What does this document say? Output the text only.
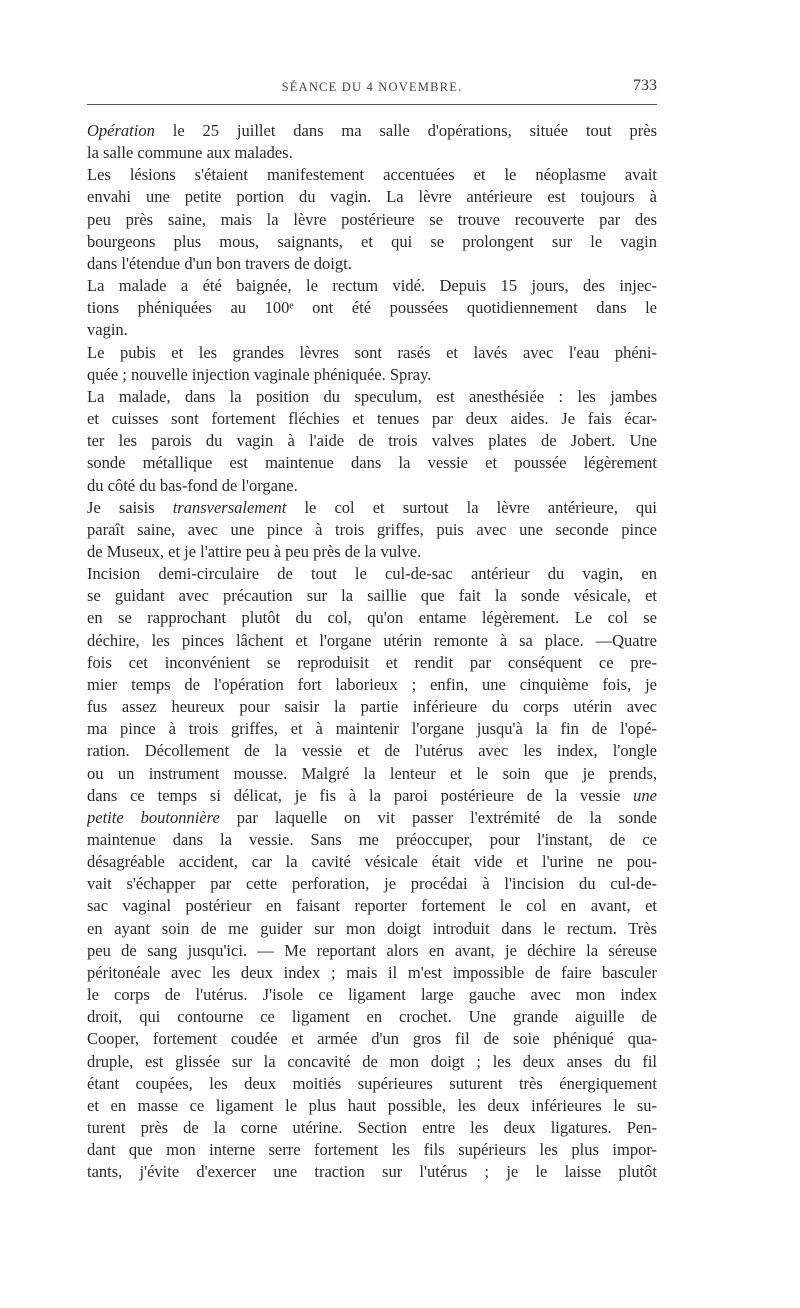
SÉANCE DU 4 NOVEMBRE.	733

Opération le 25 juillet dans ma salle d'opérations, située tout près
la salle commune aux malades.

Les lésions s'étaient manifestement accentuées et le néoplasme avait
envahi une petite portion du vagin. La lèvre antérieure est toujours à
peu près saine, mais la lèvre postérieure se trouve recouverte par des
bourgeons plus mous, saignants, et qui se prolongent sur le vagin
dans l'étendue d'un bon travers de doigt.

La malade a été baignée, le rectum vidé. Depuis 15 jours, des injec-
tions phéniquées au 100ᵉ ont été poussées quotidiennement dans le
vagin.

Le pubis et les grandes lèvres sont rasés et lavés avec l'eau phéni-
quée ; nouvelle injection vaginale phéniquée. Spray.

La malade, dans la position du speculum, est anesthésiée : les jambes
et cuisses sont fortement fléchies et tenues par deux aides. Je fais écar-
ter les parois du vagin à l'aide de trois valves plates de Jobert. Une
sonde métallique est maintenue dans la vessie et poussée légèrement
du côté du bas-fond de l'organe.

Je saisis transversalement le col et surtout la lèvre antérieure, qui
paraît saine, avec une pince à trois griffes, puis avec une seconde pince
de Museux, et je l'attire peu à peu près de la vulve.

Incision demi-circulaire de tout le cul-de-sac antérieur du vagin, en
se guidant avec précaution sur la saillie que fait la sonde vésicale, et
en se rapprochant plutôt du col, qu'on entame légèrement. Le col se
déchire, les pinces lâchent et l'organe utérin remonte à sa place. —Quatre
fois cet inconvénient se reproduisit et rendit par conséquent ce pre-
mier temps de l'opération fort laborieux ; enfin, une cinquième fois, je
fus assez heureux pour saisir la partie inférieure du corps utérin avec
ma pince à trois griffes, et à maintenir l'organe jusqu'à la fin de l'opé-
ration. Décollement de la vessie et de l'utérus avec les index, l'ongle
ou un instrument mousse. Malgré la lenteur et le soin que je prends,
dans ce temps si délicat, je fis à la paroi postérieure de la vessie une
petite boutonnière par laquelle on vit passer l'extrémité de la sonde
maintenue dans la vessie. Sans me préoccuper, pour l'instant, de ce
désagréable accident, car la cavité vésicale était vide et l'urine ne pou-
vait s'échapper par cette perforation, je procédai à l'incision du cul-de-
sac vaginal postérieur en faisant reporter fortement le col en avant, et
en ayant soin de me guider sur mon doigt introduit dans le rectum. Très
peu de sang jusqu'ici. — Me reportant alors en avant, je déchire la séreuse
péritonéale avec les deux index ; mais il m'est impossible de faire basculer
le corps de l'utérus. J'isole ce ligament large gauche avec mon index
droit, qui contourne ce ligament en crochet. Une grande aiguille de
Cooper, fortement coudée et armée d'un gros fil de soie phéniqué qua-
druple, est glissée sur la concavité de mon doigt ; les deux anses du fil
étant coupées, les deux moitiés supérieures suturent très énergiquement
et en masse ce ligament le plus haut possible, les deux inférieures le su-
turent près de la corne utérine. Section entre les deux ligatures. Pen-
dant que mon interne serre fortement les fils supérieurs les plus impor-
tants, j'évite d'exercer une traction sur l'utérus ; je le laisse plutôt
